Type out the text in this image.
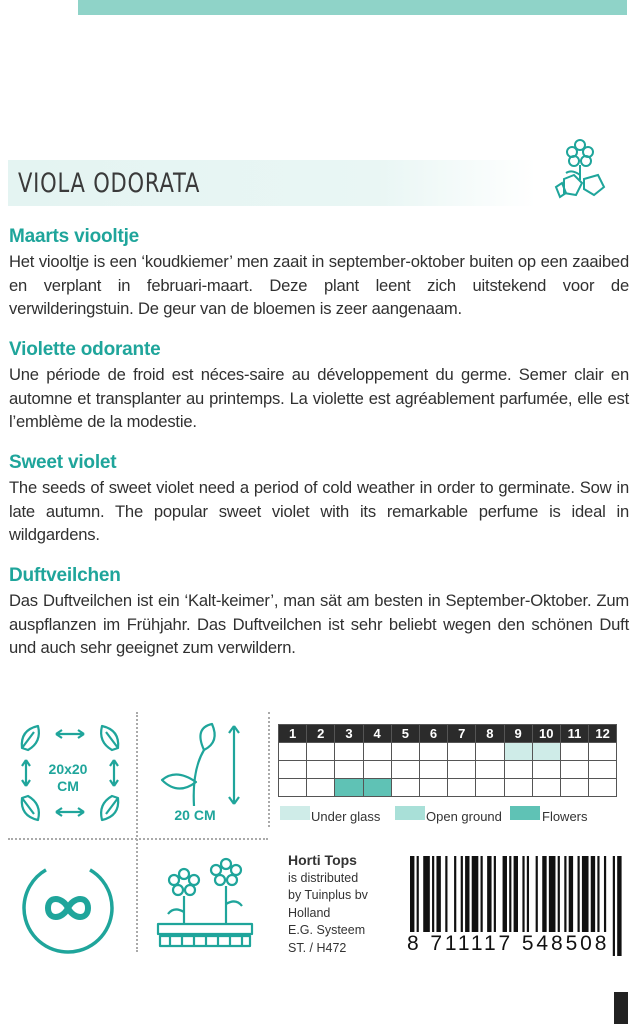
VIOLA ODORATA
Maarts viooltje

Het viooltje is een ‘koudkiemer’ men zaait in september-oktober buiten op een zaaibed en verplant in februari-maart. Deze plant leent zich uitstekend voor de verwilderingstuin. De geur van de bloemen is zeer aangenaam.

Violette odorante

Une période de froid est néces-saire au développement du germe. Semer clair en automne et transplanter au printemps. La violette est agréablement parfumée, elle est l’emblème de la modestie.

Sweet violet

The seeds of sweet violet need a period of cold weather in order to germinate. Sow in late autumn. The popular sweet violet with its remarkable perfume is ideal in wildgardens.

Duftveilchen

Das Duftveilchen ist ein ‘Kalt-keimer’, man sät am besten in September-Oktober. Zum auspflanzen im Frühjahr. Das Duftveilchen ist sehr beliebt wegen den schönen Duft und auch sehr geeignet zum verwildern.

20x20
CM
20 CM
1	2	3	4	5	6	7	8	9	10	11	12

Under glass	Open ground	Flowers
Horti Tops
is distributed
by Tuinplus bv
Holland
E.G. Systeem
ST. / H472	8 711117 548508
